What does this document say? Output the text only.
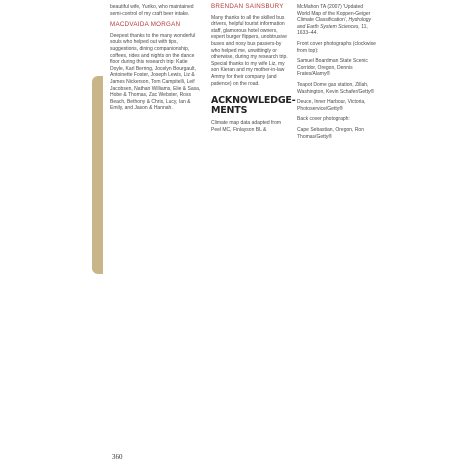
beautiful wife, Yuriko, who maintained semi-control of my craft beer intake.

MACDVAIDA MORGAN

Deepest thanks to the many wonderful souls who helped out with tips, suggestions, dining companionship, coffees, rides and nights on the dance floor during this research trip: Katie Doyle, Karl Berring, Jocelyn Bourgault, Antoinette Foster, Joseph Lewis, Liz & James Nickerson, Tom Campitelli, Leif Jacobsen, Nathan Williams, Elie & Sasa, Hobe & Thomas, Zac Webster, Ross Beach, Bethony & Chris, Lucy, Ian & Emily, and Jason & Hannah.

BRENDAN SAINSBURY

Many thanks to all the skilled bus drivers, helpful tourist information staff, glamorous hotel owners, expert burger flippers, unobtrusive buses and nosy bus passers-by who helped me, unwittingly or otherwise, during my research trip. Special thanks to my wife Liz, my son Kieran and my mother-in-law Ammy for their company (and patience) on the road.

ACKNOWLEDGE-MENTS

Climate map data adapted from Peel MC, Finlayson BL &

McMahon TA (2007) 'Updated World Map of the Koppen-Geiger Climate Classification', Hydrology and Earth System Sciences, 11, 1633–44.

Front cover photographs (clockwise from top):

Samuel Boardman State Scenic Corridor, Oregon, Dennis Frates/Alamy®

Teapot Dome gas station, Zillah, Washington, Kevin Schafer/Getty®

Deuce, Inner Harbour, Victoria, Photoservice/Getty®

Back cover photograph:

Cape Sebastian, Oregon, Ron Thomas/Getty®

360
